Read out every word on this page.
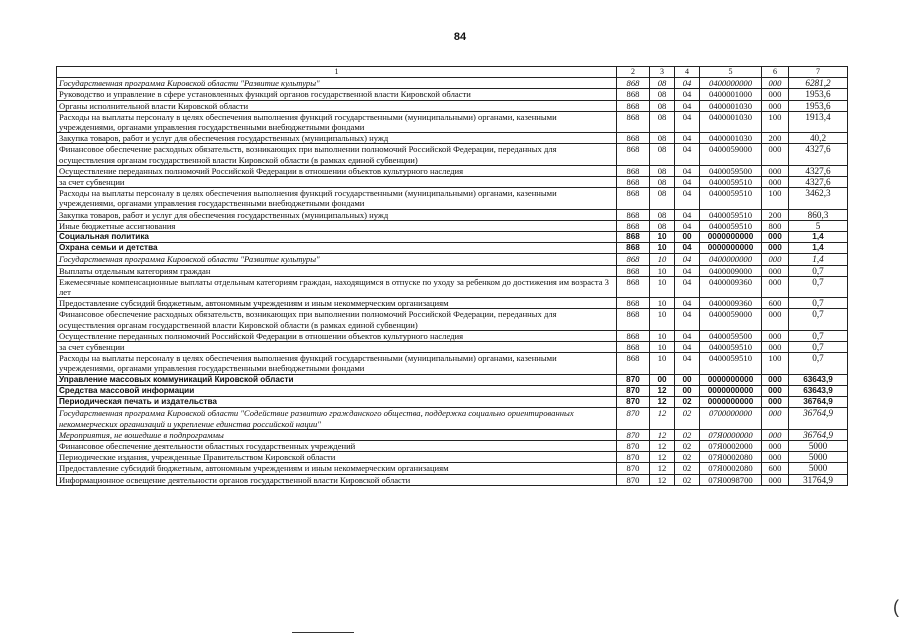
84
1	2	3	4	5	6	7
Государственная программа Кировской области "Развитие культуры"	868	08	04	0400000000	000	6281,2
Руководство и управление в сфере установленных функций органов государственной власти Кировской области	868	08	04	0400001000	000	1953,6
Органы исполнительной власти Кировской области	868	08	04	0400001030	000	1953,6
Расходы на выплаты персоналу в целях обеспечения выполнения функций государственными (муниципальными) органами, казенными учреждениями, органами управления государственными внебюджетными фондами	868	08	04	0400001030	100	1913,4
Закупка товаров, работ и услуг для обеспечения государственных (муниципальных) нужд	868	08	04	0400001030	200	40,2
Финансовое обеспечение расходных обязательств, возникающих при выполнении полномочий Российской Федерации, переданных для осуществления органам государственной власти Кировской области (в рамках единой субвенции)	868	08	04	0400059000	000	4327,6
Осуществление переданных полномочий Российской Федерации в отношении объектов культурного наследия	868	08	04	0400059500	000	4327,6
за счет субвенции	868	08	04	0400059510	000	4327,6
Расходы на выплаты персоналу в целях обеспечения выполнения функций государственными (муниципальными) органами, казенными учреждениями, органами управления государственными внебюджетными фондами	868	08	04	0400059510	100	3462,3
Закупка товаров, работ и услуг для обеспечения государственных (муниципальных) нужд	868	08	04	0400059510	200	860,3
Иные бюджетные ассигнования	868	08	04	0400059510	800	5
Социальная политика	868	10	00	0000000000	000	1,4
Охрана семьи и детства	868	10	04	0000000000	000	1,4
Государственная программа Кировской области "Развитие культуры"	868	10	04	0400000000	000	1,4
Выплаты отдельным категориям граждан	868	10	04	0400009000	000	0,7
Ежемесячные компенсационные выплаты отдельным категориям граждан, находящимся в отпуске по уходу за ребенком до достижения им возраста 3 лет	868	10	04	0400009360	000	0,7
Предоставление субсидий бюджетным, автономным учреждениям и иным некоммерческим организациям	868	10	04	0400009360	600	0,7
Финансовое обеспечение расходных обязательств, возникающих при выполнении полномочий Российской Федерации, переданных для осуществления органам государственной власти Кировской области (в рамках единой субвенции)	868	10	04	0400059000	000	0,7
Осуществление переданных полномочий Российской Федерации в отношении объектов культурного наследия	868	10	04	0400059500	000	0,7
за счет субвенции	868	10	04	0400059510	000	0,7
Расходы на выплаты персоналу в целях обеспечения выполнения функций государственными (муниципальными) органами, казенными учреждениями, органами управления государственными внебюджетными фондами	868	10	04	0400059510	100	0,7
Управление массовых коммуникаций Кировской области	870	00	00	0000000000	000	63643,9
Средства массовой информации	870	12	00	0000000000	000	63643,9
Периодическая печать и издательства	870	12	02	0000000000	000	36764,9
Государственная программа Кировской области "Содействие развитию гражданского общества, поддержка социально ориентированных некоммерческих организаций и укрепление единства российской нации"	870	12	02	0700000000	000	36764,9
Мероприятия, не вошедшие в подпрограммы	870	12	02	07Я0000000	000	36764,9
Финансовое обеспечение деятельности областных государственных учреждений	870	12	02	07Я0002000	000	5000
Периодические издания, учрежденные Правительством Кировской области	870	12	02	07Я0002080	000	5000
Предоставление субсидий бюджетным, автономным учреждениям и иным некоммерческим организациям	870	12	02	07Я0002080	600	5000
Информационное освещение деятельности органов государственной власти Кировской области	870	12	02	07Я0098700	000	31764,9
(
